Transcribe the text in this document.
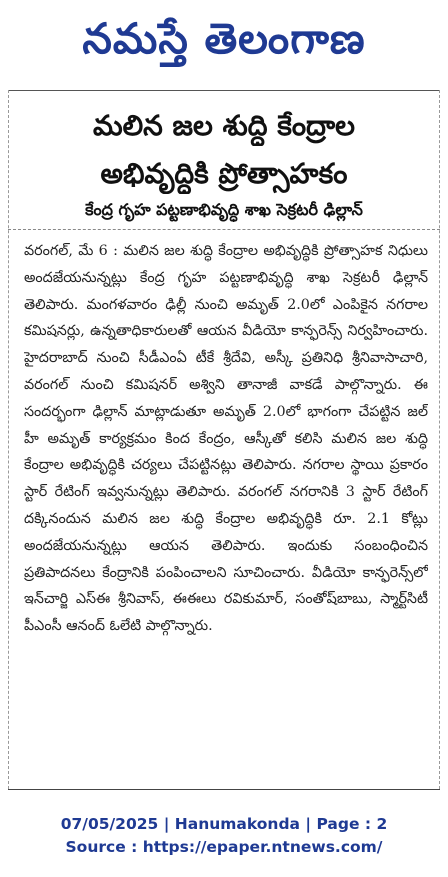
నమస్తే తెలంగాణ
మలిన జల శుద్ధి కేంద్రాల
అభివృద్ధికి ప్రోత్సాహకం
కేంద్ర గృహ పట్టణాభివృద్ధి శాఖ సెక్రటరీ ఢిల్లాన్
వరంగల్, మే 6 : మలిన జల శుద్ధి కేంద్రాల అభివృద్ధికి ప్రోత్సాహక నిధులు అందజేయనున్నట్లు కేంద్ర గృహ పట్టణాభివృద్ధి శాఖ సెక్రటరీ ఢిల్లాన్ తెలిపారు. మంగళవారం ఢిల్లీ నుంచి అమృత్ 2.0లో ఎంపికైన నగరాల కమిషనర్లు, ఉన్నతాధికారులతో ఆయన వీడియో కాన్ఫరెన్స్ నిర్వహించారు. హైదరాబాద్ నుంచి సీడీఎంఏ టీకే శ్రీదేవి, అస్కీ ప్రతినిధి శ్రీనివాసాచారి, వరంగల్ నుంచి కమిషనర్ అశ్విని తానాజీ వాకడే పాల్గొన్నారు. ఈ సందర్భంగా ఢిల్లాన్ మాట్లాడుతూ అమృత్ 2.0లో భాగంగా చేపట్టిన జల్ హీ అమృత్ కార్యక్రమం కింద కేంద్రం, ఆస్కీతో కలిసి మలిన జల శుద్ధి కేంద్రాల అభివృద్ధికి చర్యలు చేపట్టినట్లు తెలిపారు. నగరాల స్థాయి ప్రకారం స్టార్ రేటింగ్ ఇవ్వనున్నట్లు తెలిపారు. వరంగల్ నగరానికి 3 స్టార్ రేటింగ్ దక్కినందున మలిన జల శుద్ధి కేంద్రాల అభివృద్ధికి రూ. 2.1 కోట్లు అందజేయనున్నట్లు ఆయన తెలిపారు. ఇందుకు సంబంధించిన ప్రతిపాదనలు కేంద్రానికి పంపించాలని సూచించారు. వీడియో కాన్ఫరెన్స్‌లో ఇన్‌చార్జి ఎస్ఈ శ్రీనివాస్, ఈఈలు రవికుమార్, సంతోష్‌బాబు, స్మార్ట్‌సిటీ పీఎంసీ ఆనంద్ ఓలేటి పాల్గొన్నారు.
07/05/2025 | Hanumakonda | Page : 2
Source : https://epaper.ntnews.com/
